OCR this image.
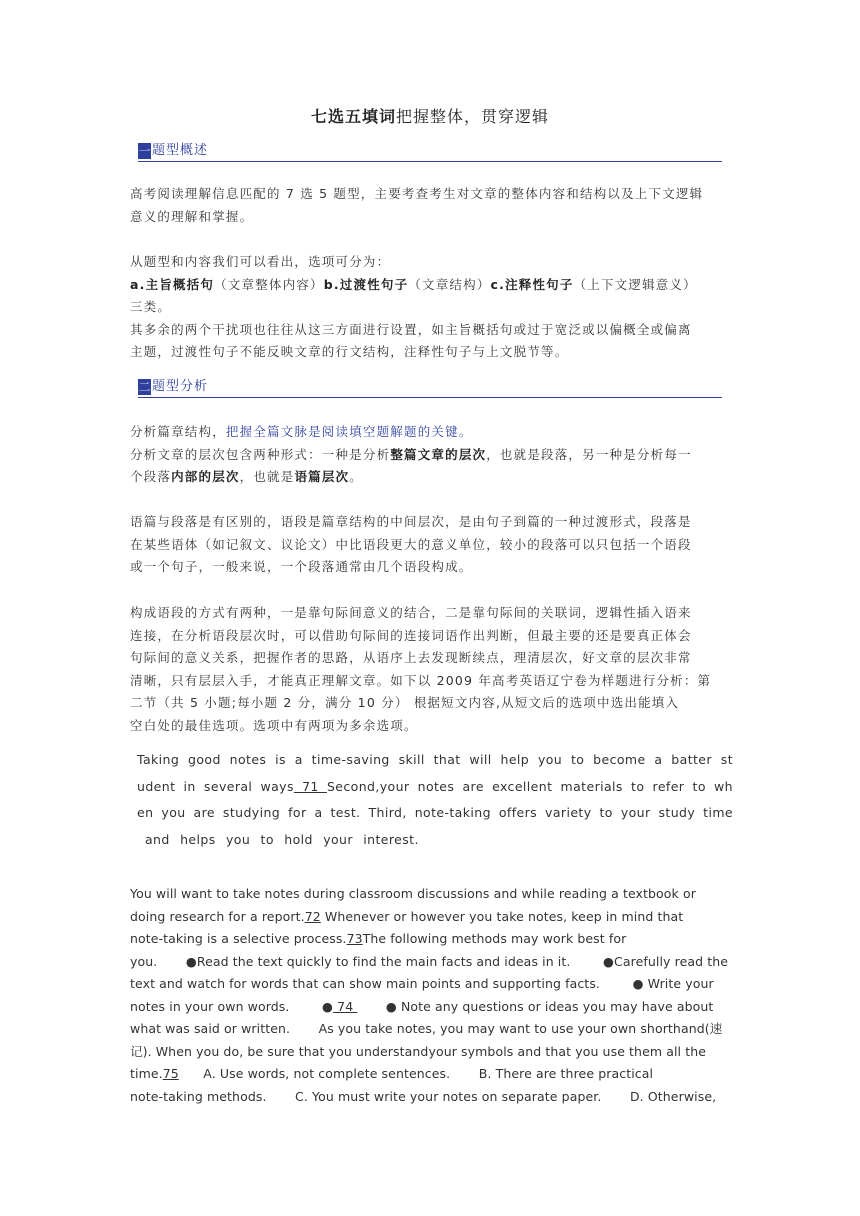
七选五填词把握整体，贯穿逻辑
一 $^{题型概述}$
高考阅读理解信息匹配的 7 选 5 题型，主要考查考生对文章的整体内容和结构以及上下文逻辑
意义的理解和掌握。
从题型和内容我们可以看出，选项可分为：
a.主旨概括句（文章整体内容）b.过渡性句子（文章结构）c.注释性句子（上下文逻辑意义）
三类。
其多余的两个干扰项也往往从这三方面进行设置，如主旨概括句或过于宽泛或以偏概全或偏离
主题，过渡性句子不能反映文章的行文结构，注释性句子与上文脱节等。
二 $^{题型分析}$
分析篇章结构，把握全篇文脉是阅读填空题解题的关键。
分析文章的层次包含两种形式：一种是分析整篇文章的层次，也就是段落，另一种是分析每一
个段落内部的层次，也就是语篇层次。
语篇与段落是有区别的，语段是篇章结构的中间层次，是由句子到篇的一种过渡形式，段落是
在某些语体（如记叙文、议论文）中比语段更大的意义单位，较小的段落可以只包括一个语段
或一个句子，一般来说，一个段落通常由几个语段构成。
构成语段的方式有两种，一是靠句际间意义的结合，二是靠句际间的关联词，逻辑性插入语来
连接，在分析语段层次时，可以借助句际间的连接词语作出判断，但最主要的还是要真正体会
句际间的意义关系，把握作者的思路，从语序上去发现断续点，理清层次，好文章的层次非常
清晰，只有层层入手，才能真正理解文章。如下以 2009 年高考英语辽宁卷为样题进行分析：第
二节（共 5 小题;每小题 2 分，满分 10 分） 根据短文内容,从短文后的选项中选出能填入
空白处的最佳选项。选项中有两项为多余选项。
Taking good notes is a time-saving skill that will help you to become a batter st
udent in several ways 71 Second,your notes are excellent materials to refer to wh
en you are studying for a test. Third, note-taking offers variety to your study time
and helps you to hold your interest.
You will want to take notes during classroom discussions and while reading a textbook or
doing research for a report.72 Whenever or however you take notes, keep in mind that
note-taking is a selective process.73The following methods may work best for
you.       ●Read the text quickly to find the main facts and ideas in it.        ●Carefully read the
text and watch for words that can show main points and supporting facts.        ● Write your
notes in your own words.        ● 74        ● Note any questions or ideas you may have about
what was said or written.       As you take notes, you may want to use your own shorthand(速
记). When you do, be sure that you understandyour symbols and that you use them all the
time.75      A. Use words, not complete sentences.       B. There are three practical
note-taking methods.       C. You must write your notes on separate paper.       D. Otherwise,
